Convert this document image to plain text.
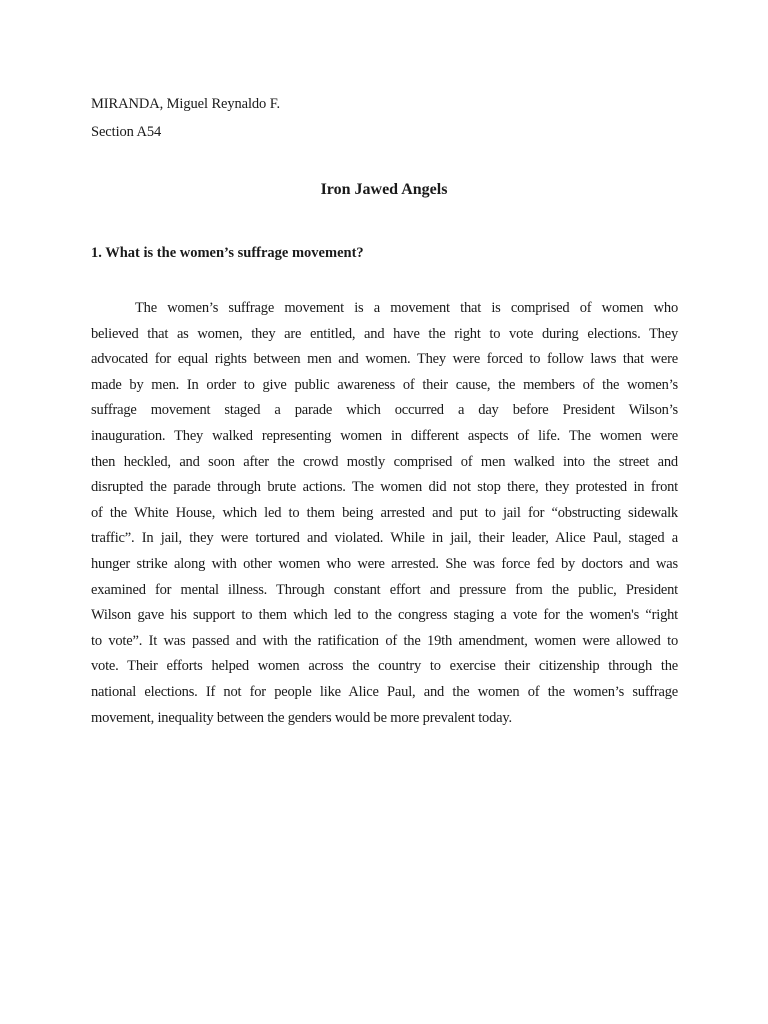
MIRANDA, Miguel Reynaldo F.
Section A54
Iron Jawed Angels
1. What is the women’s suffrage movement?
The women’s suffrage movement is a movement that is comprised of women who
believed that as women, they are entitled, and have the right to vote during elections. They
advocated for equal rights between men and women. They were forced to follow laws that were
made by men. In order to give public awareness of their cause, the members of the women’s
suffrage movement staged a parade which occurred a day before President Wilson’s
inauguration. They walked representing women in different aspects of life. The women were
then heckled, and soon after the crowd mostly comprised of men walked into the street and
disrupted the parade through brute actions. The women did not stop there, they protested in front
of the White House, which led to them being arrested and put to jail for “obstructing sidewalk
traffic”. In jail, they were tortured and violated. While in jail, their leader, Alice Paul, staged a
hunger strike along with other women who were arrested. She was force fed by doctors and was
examined for mental illness. Through constant effort and pressure from the public, President
Wilson gave his support to them which led to the congress staging a vote for the women's “right
to vote”. It was passed and with the ratification of the 19th amendment, women were allowed to
vote. Their efforts helped women across the country to exercise their citizenship through the
national elections. If not for people like Alice Paul, and the women of the women’s suffrage
movement, inequality between the genders would be more prevalent today.
